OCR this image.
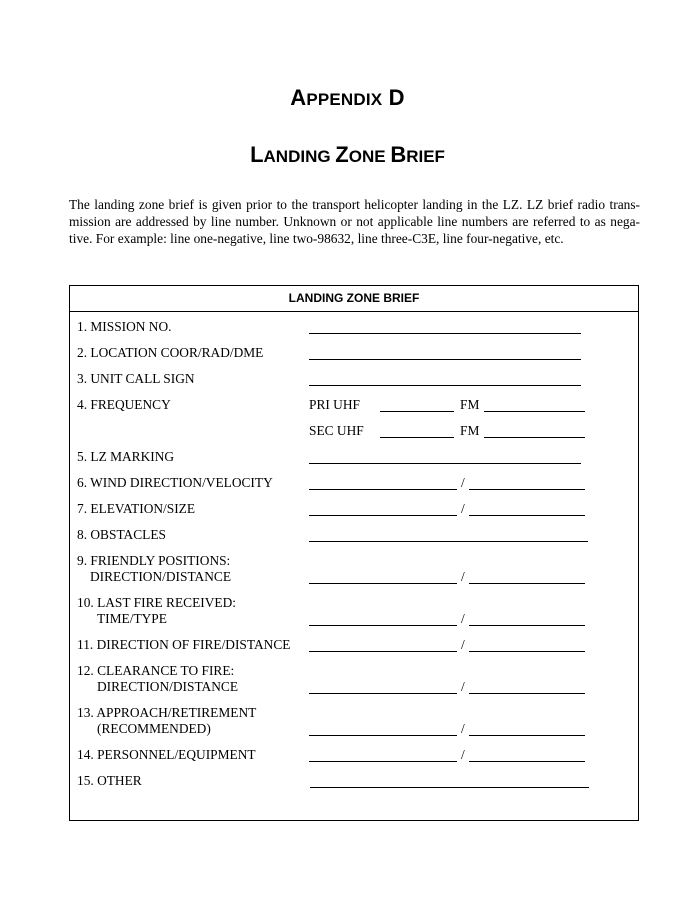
APPENDIX D
LANDING ZONE BRIEF
The landing zone brief is given prior to the transport helicopter landing in the LZ. LZ brief radio trans-
mission are addressed by line number. Unknown or not applicable line numbers are referred to as nega-
tive. For example: line one-negative, line two-98632, line three-C3E, line four-negative, etc.
LANDING ZONE BRIEF
1. MISSION NO.
2. LOCATION COOR/RAD/DME
3. UNIT CALL SIGN
4. FREQUENCY	PRI UHF	FM
SEC UHF	FM
5. LZ MARKING
6. WIND DIRECTION/VELOCITY	/
7. ELEVATION/SIZE	/
8. OBSTACLES
9. FRIENDLY POSITIONS:
DIRECTION/DISTANCE	/
10. LAST FIRE RECEIVED:
TIME/TYPE	/
11. DIRECTION OF FIRE/DISTANCE	/
12. CLEARANCE TO FIRE:
DIRECTION/DISTANCE	/
13. APPROACH/RETIREMENT
(RECOMMENDED)	/
14. PERSONNEL/EQUIPMENT	/
15. OTHER
